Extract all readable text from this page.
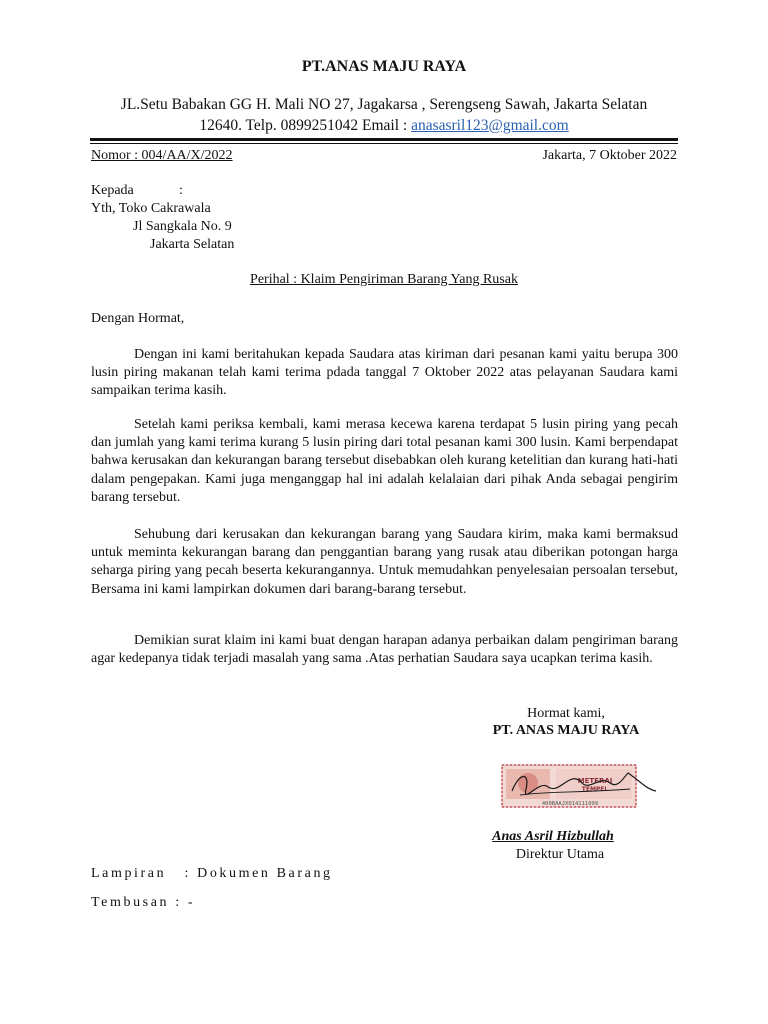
PT.ANAS MAJU RAYA
JL.Setu Babakan GG H. Mali NO 27, Jagakarsa , Serengseng Sawah, Jakarta Selatan
12640. Telp. 0899251042 Email : anasasril123@gmail.com
Nomor : 004/AA/X/2022	Jakarta, 7 Oktober 2022
Kepada	:
Yth, Toko Cakrawala
Jl Sangkala No. 9
Jakarta Selatan
Perihal : Klaim Pengiriman Barang Yang Rusak
Dengan Hormat,
Dengan ini kami beritahukan kepada Saudara atas kiriman dari pesanan kami yaitu berupa 300 lusin piring makanan telah kami terima pdada tanggal 7 Oktober 2022 atas pelayanan Saudara kami sampaikan terima kasih.
Setelah kami periksa kembali, kami merasa kecewa karena terdapat 5 lusin piring yang pecah dan jumlah yang kami terima kurang 5 lusin piring dari total pesanan kami 300 lusin. Kami berpendapat bahwa kerusakan dan kekurangan barang tersebut disebabkan oleh kurang ketelitian dan kurang hati-hati dalam pengepakan. Kami juga menganggap hal ini adalah kelalaian dari pihak Anda sebagai pengirim barang tersebut.
Sehubung dari kerusakan dan kekurangan barang yang Saudara kirim, maka kami bermaksud untuk meminta kekurangan barang dan penggantian barang yang rusak atau diberikan potongan harga seharga piring yang pecah beserta kekurangannya. Untuk memudahkan penyelesaian persoalan tersebut, Bersama ini kami lampirkan dokumen dari barang-barang tersebut.
Demikian surat klaim ini kami buat dengan harapan adanya perbaikan dalam pengiriman barang agar kedepanya tidak terjadi masalah yang sama .Atas perhatian Saudara saya ucapkan terima kasih.
Hormat kami,
PT. ANAS MAJU RAYA
METERAI
TEMPEL
400BAAJX014111099
Anas Asril Hizbullah
Direktur Utama
Lampiran   : Dokumen Barang
Tembusan : -
